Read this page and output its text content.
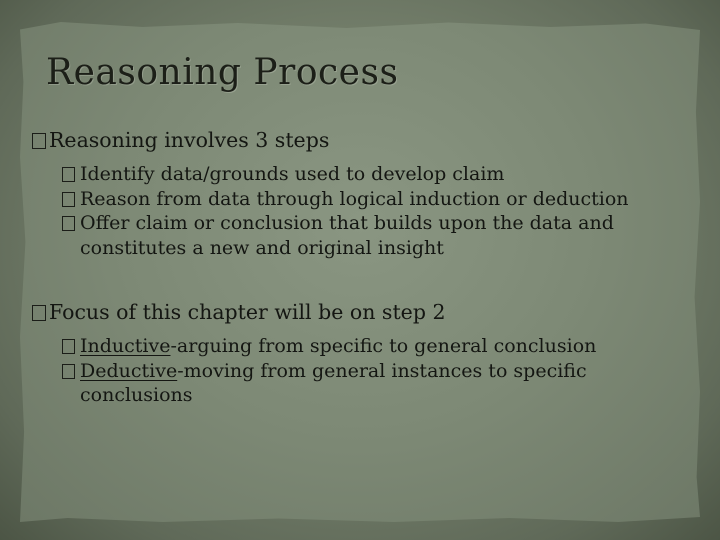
Reasoning Process
Reasoning involves 3 steps
Identify data/grounds used to develop claim
Reason from data through logical induction or deduction
Offer claim or conclusion that builds upon the data and constitutes a new and original insight
Focus of this chapter will be on step 2
Inductive-arguing from specific to general conclusion
Deductive-moving from general instances to specific conclusions
